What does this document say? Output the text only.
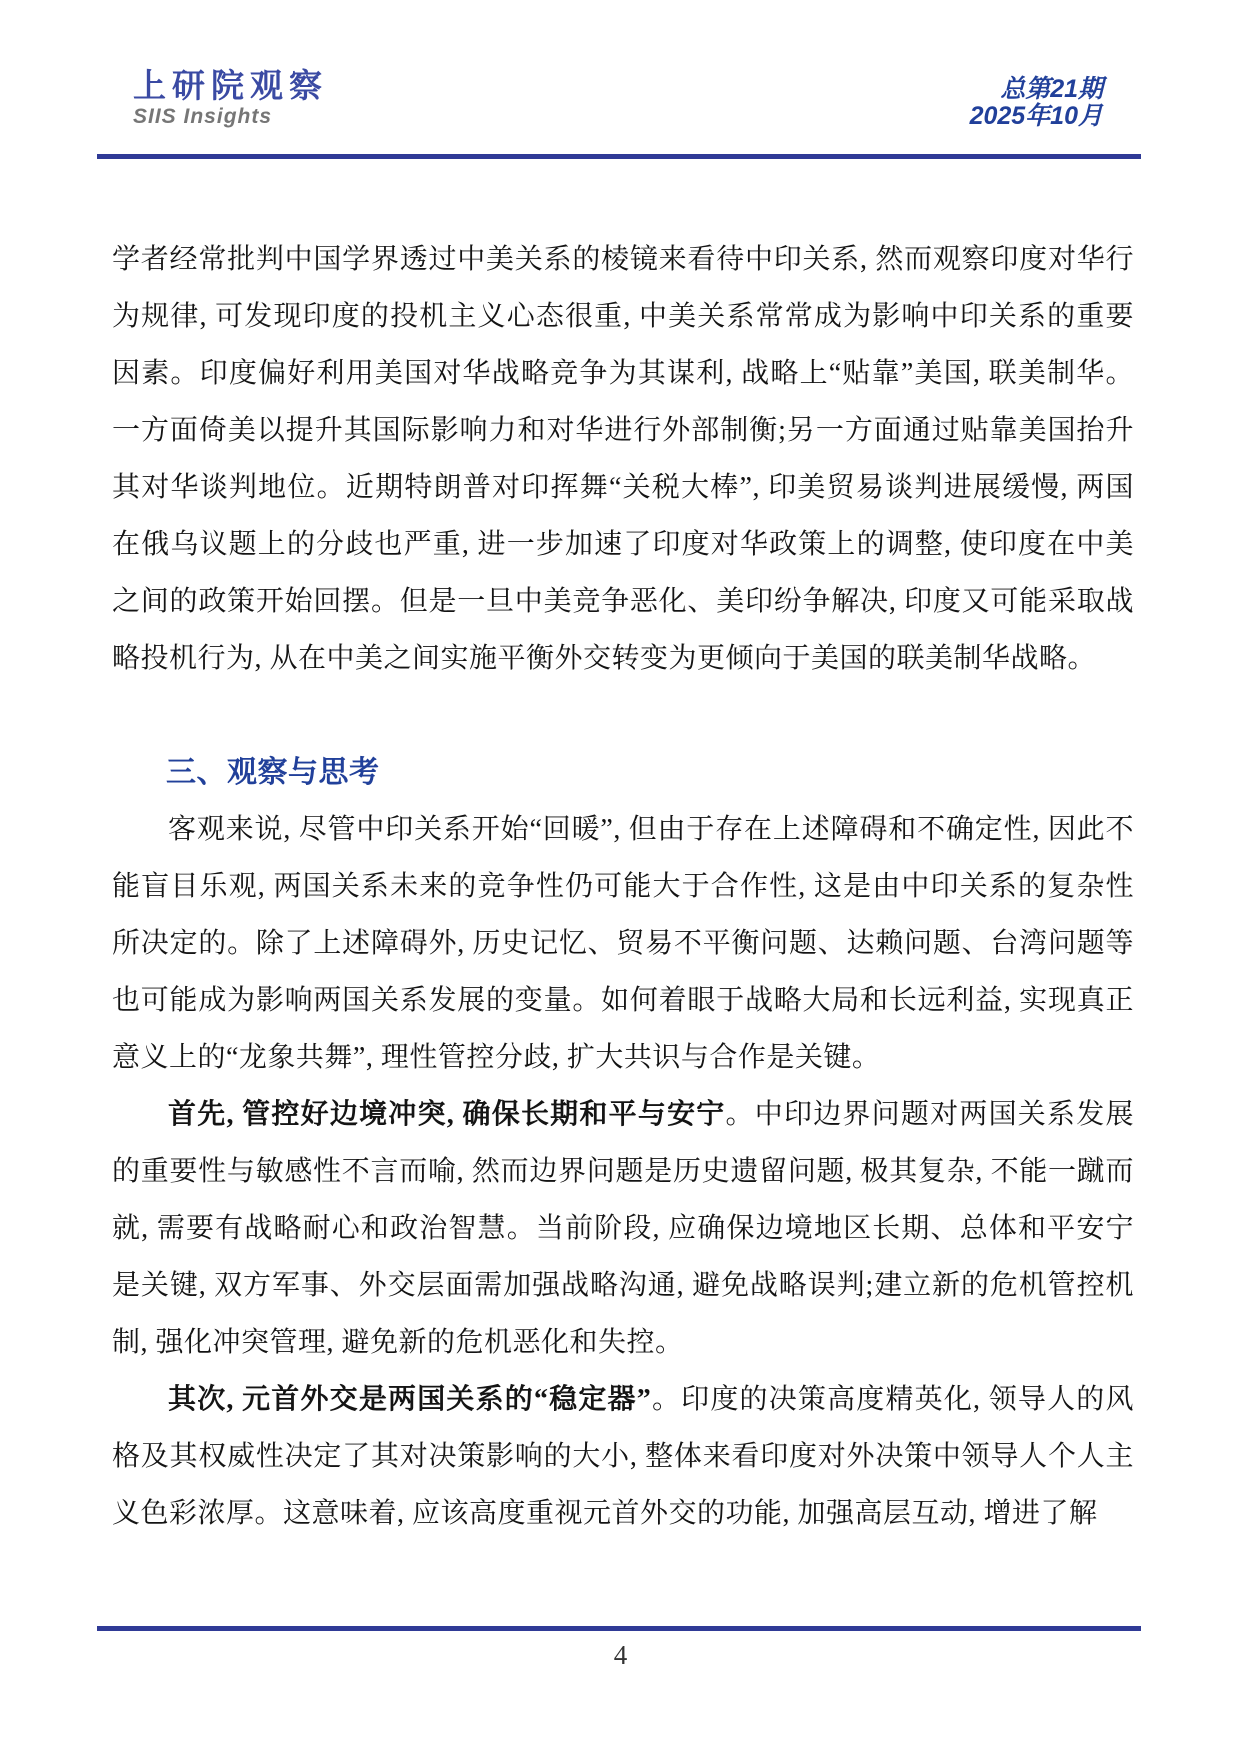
上研院观察
SIIS Insights
总第21期
2025年10月

学者经常批判中国学界透过中美关系的棱镜来看待中印关系, 然而观察印度对华行为规律, 可发现印度的投机主义心态很重, 中美关系常常成为影响中印关系的重要因素。印度偏好利用美国对华战略竞争为其谋利, 战略上“贴靠”美国, 联美制华。一方面倚美以提升其国际影响力和对华进行外部制衡;另一方面通过贴靠美国抬升其对华谈判地位。近期特朗普对印挥舞“关税大棒”, 印美贸易谈判进展缓慢, 两国在俄乌议题上的分歧也严重, 进一步加速了印度对华政策上的调整, 使印度在中美之间的政策开始回摆。但是一旦中美竞争恶化、美印纷争解决, 印度又可能采取战略投机行为, 从在中美之间实施平衡外交转变为更倾向于美国的联美制华战略。

三、观察与思考

客观来说, 尽管中印关系开始“回暖”, 但由于存在上述障碍和不确定性, 因此不能盲目乐观, 两国关系未来的竞争性仍可能大于合作性, 这是由中印关系的复杂性所决定的。除了上述障碍外, 历史记忆、贸易不平衡问题、达赖问题、台湾问题等也可能成为影响两国关系发展的变量。如何着眼于战略大局和长远利益, 实现真正意义上的“龙象共舞”, 理性管控分歧, 扩大共识与合作是关键。

首先, 管控好边境冲突, 确保长期和平与安宁。中印边界问题对两国关系发展的重要性与敏感性不言而喻, 然而边界问题是历史遗留问题, 极其复杂, 不能一蹴而就, 需要有战略耐心和政治智慧。当前阶段, 应确保边境地区长期、总体和平安宁是关键, 双方军事、外交层面需加强战略沟通, 避免战略误判;建立新的危机管控机制, 强化冲突管理, 避免新的危机恶化和失控。

其次, 元首外交是两国关系的“稳定器”。印度的决策高度精英化, 领导人的风格及其权威性决定了其对决策影响的大小, 整体来看印度对外决策中领导人个人主义色彩浓厚。这意味着, 应该高度重视元首外交的功能, 加强高层互动, 增进了解

4
